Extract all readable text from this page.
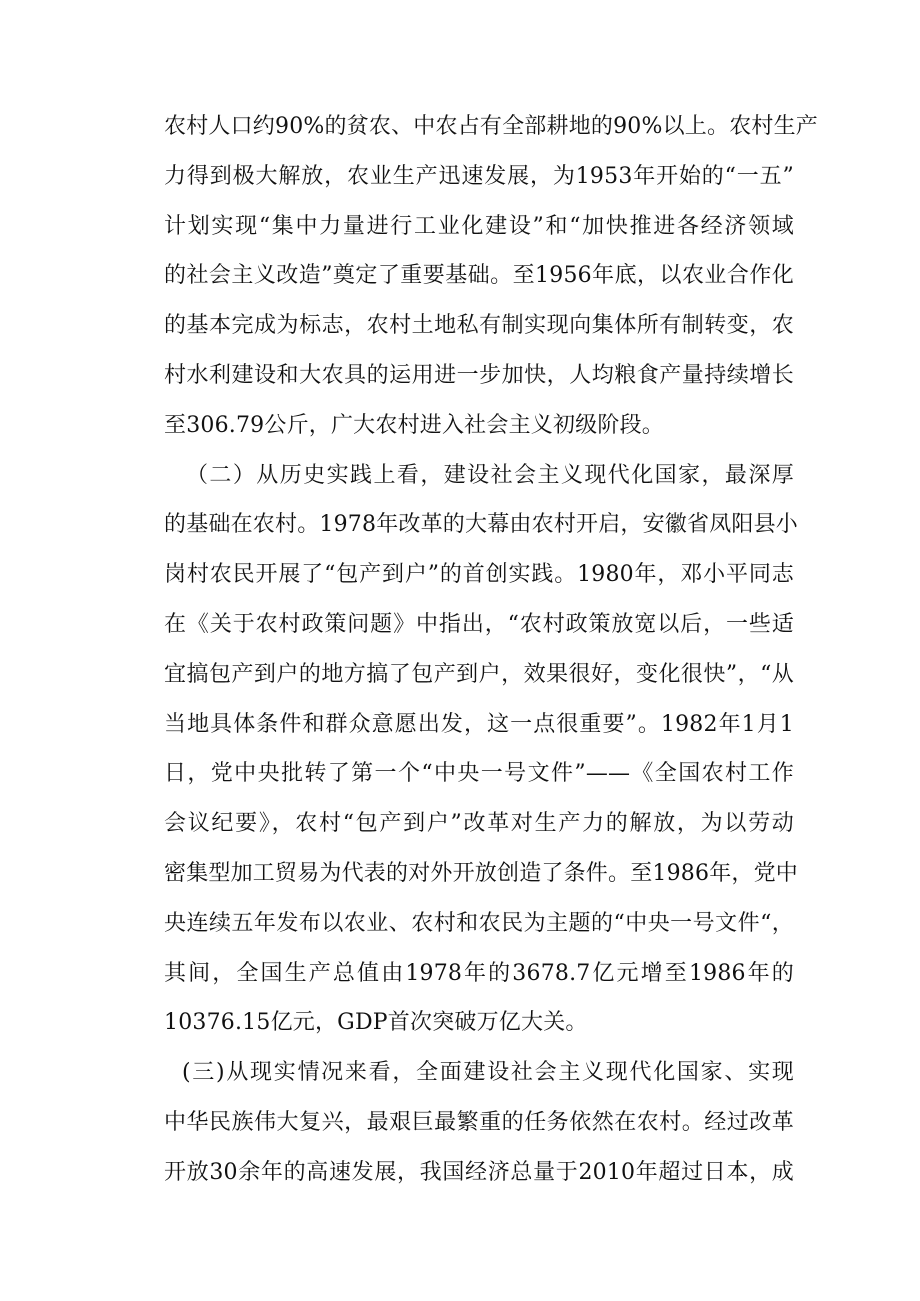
农村人口约90%的贫农、中农占有全部耕地的90%以上。农村生产
力得到极大解放，农业生产迅速发展，为1953年开始的“一五”
计划实现“集中力量进行工业化建设”和“加快推进各经济领域
的社会主义改造”奠定了重要基础。至1956年底，以农业合作化
的基本完成为标志，农村土地私有制实现向集体所有制转变，农
村水利建设和大农具的运用进一步加快，人均粮食产量持续增长
至306.79公斤，广大农村进入社会主义初级阶段。
（二）从历史实践上看，建设社会主义现代化国家，最深厚
的基础在农村。1978年改革的大幕由农村开启，安徽省凤阳县小
岗村农民开展了“包产到户”的首创实践。1980年，邓小平同志
在《关于农村政策问题》中指出，“农村政策放宽以后，一些适
宜搞包产到户的地方搞了包产到户，效果很好，变化很快”，“从
当地具体条件和群众意愿出发，这一点很重要”。1982年1月1
日，党中央批转了第一个“中央一号文件”——《全国农村工作
会议纪要》，农村“包产到户”改革对生产力的解放，为以劳动
密集型加工贸易为代表的对外开放创造了条件。至1986年，党中
央连续五年发布以农业、农村和农民为主题的“中央一号文件“，
其间，全国生产总值由1978年的3678.7亿元增至1986年的
10376.15亿元，GDP首次突破万亿大关。
(三)从现实情况来看，全面建设社会主义现代化国家、实现
中华民族伟大复兴，最艰巨最繁重的任务依然在农村。经过改革
开放30余年的高速发展，我国经济总量于2010年超过日本，成
